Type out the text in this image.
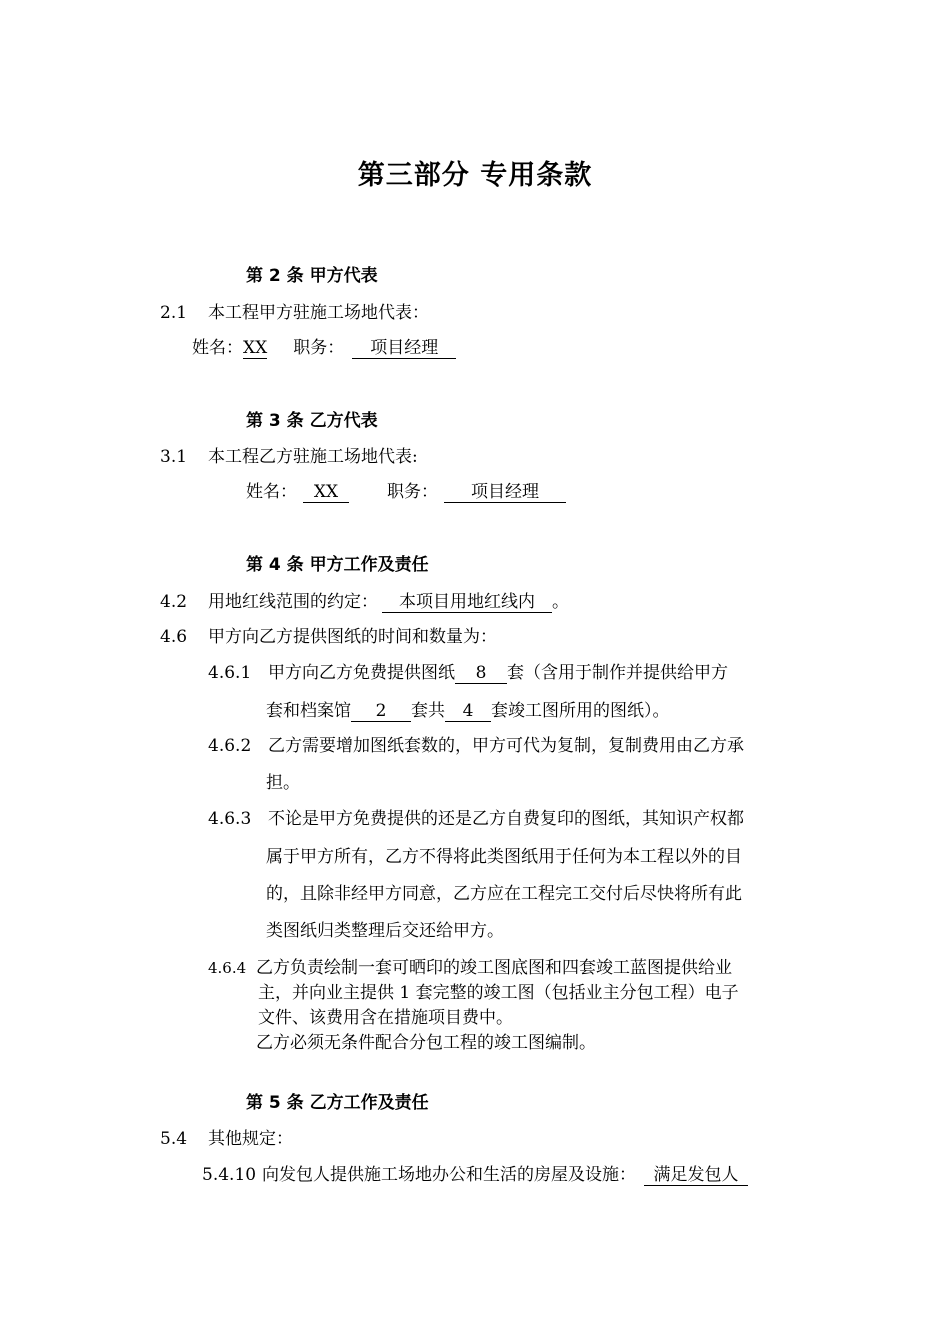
第三部分 专用条款
第 2 条 甲方代表
2.1 本工程甲方驻施工场地代表：
姓名：XX 职务： 项目经理
第 3 条 乙方代表
3.1 本工程乙方驻施工场地代表:
姓名： XX	职务： 项目经理
第 4 条 甲方工作及责任
4.2 用地红线范围的约定： 本项目用地红线内 。
4.6 甲方向乙方提供图纸的时间和数量为：
4.6.1 甲方向乙方免费提供图纸 8 套（含用于制作并提供给甲方
套和档案馆 2 套共 4 套竣工图所用的图纸）。
4.6.2 乙方需要增加图纸套数的，甲方可代为复制，复制费用由乙方承
担。
4.6.3 不论是甲方免费提供的还是乙方自费复印的图纸，其知识产权都
属于甲方所有，乙方不得将此类图纸用于任何为本工程以外的目
的，且除非经甲方同意，乙方应在工程完工交付后尽快将所有此
类图纸归类整理后交还给甲方。
4.6.4 乙方负责绘制一套可晒印的竣工图底图和四套竣工蓝图提供给业
主，并向业主提供 1 套完整的竣工图（包括业主分包工程）电子
文件、该费用含在措施项目费中。
乙方必须无条件配合分包工程的竣工图编制。
第 5 条 乙方工作及责任
5.4 其他规定：
5.4.10 向发包人提供施工场地办公和生活的房屋及设施： 满足发包人
